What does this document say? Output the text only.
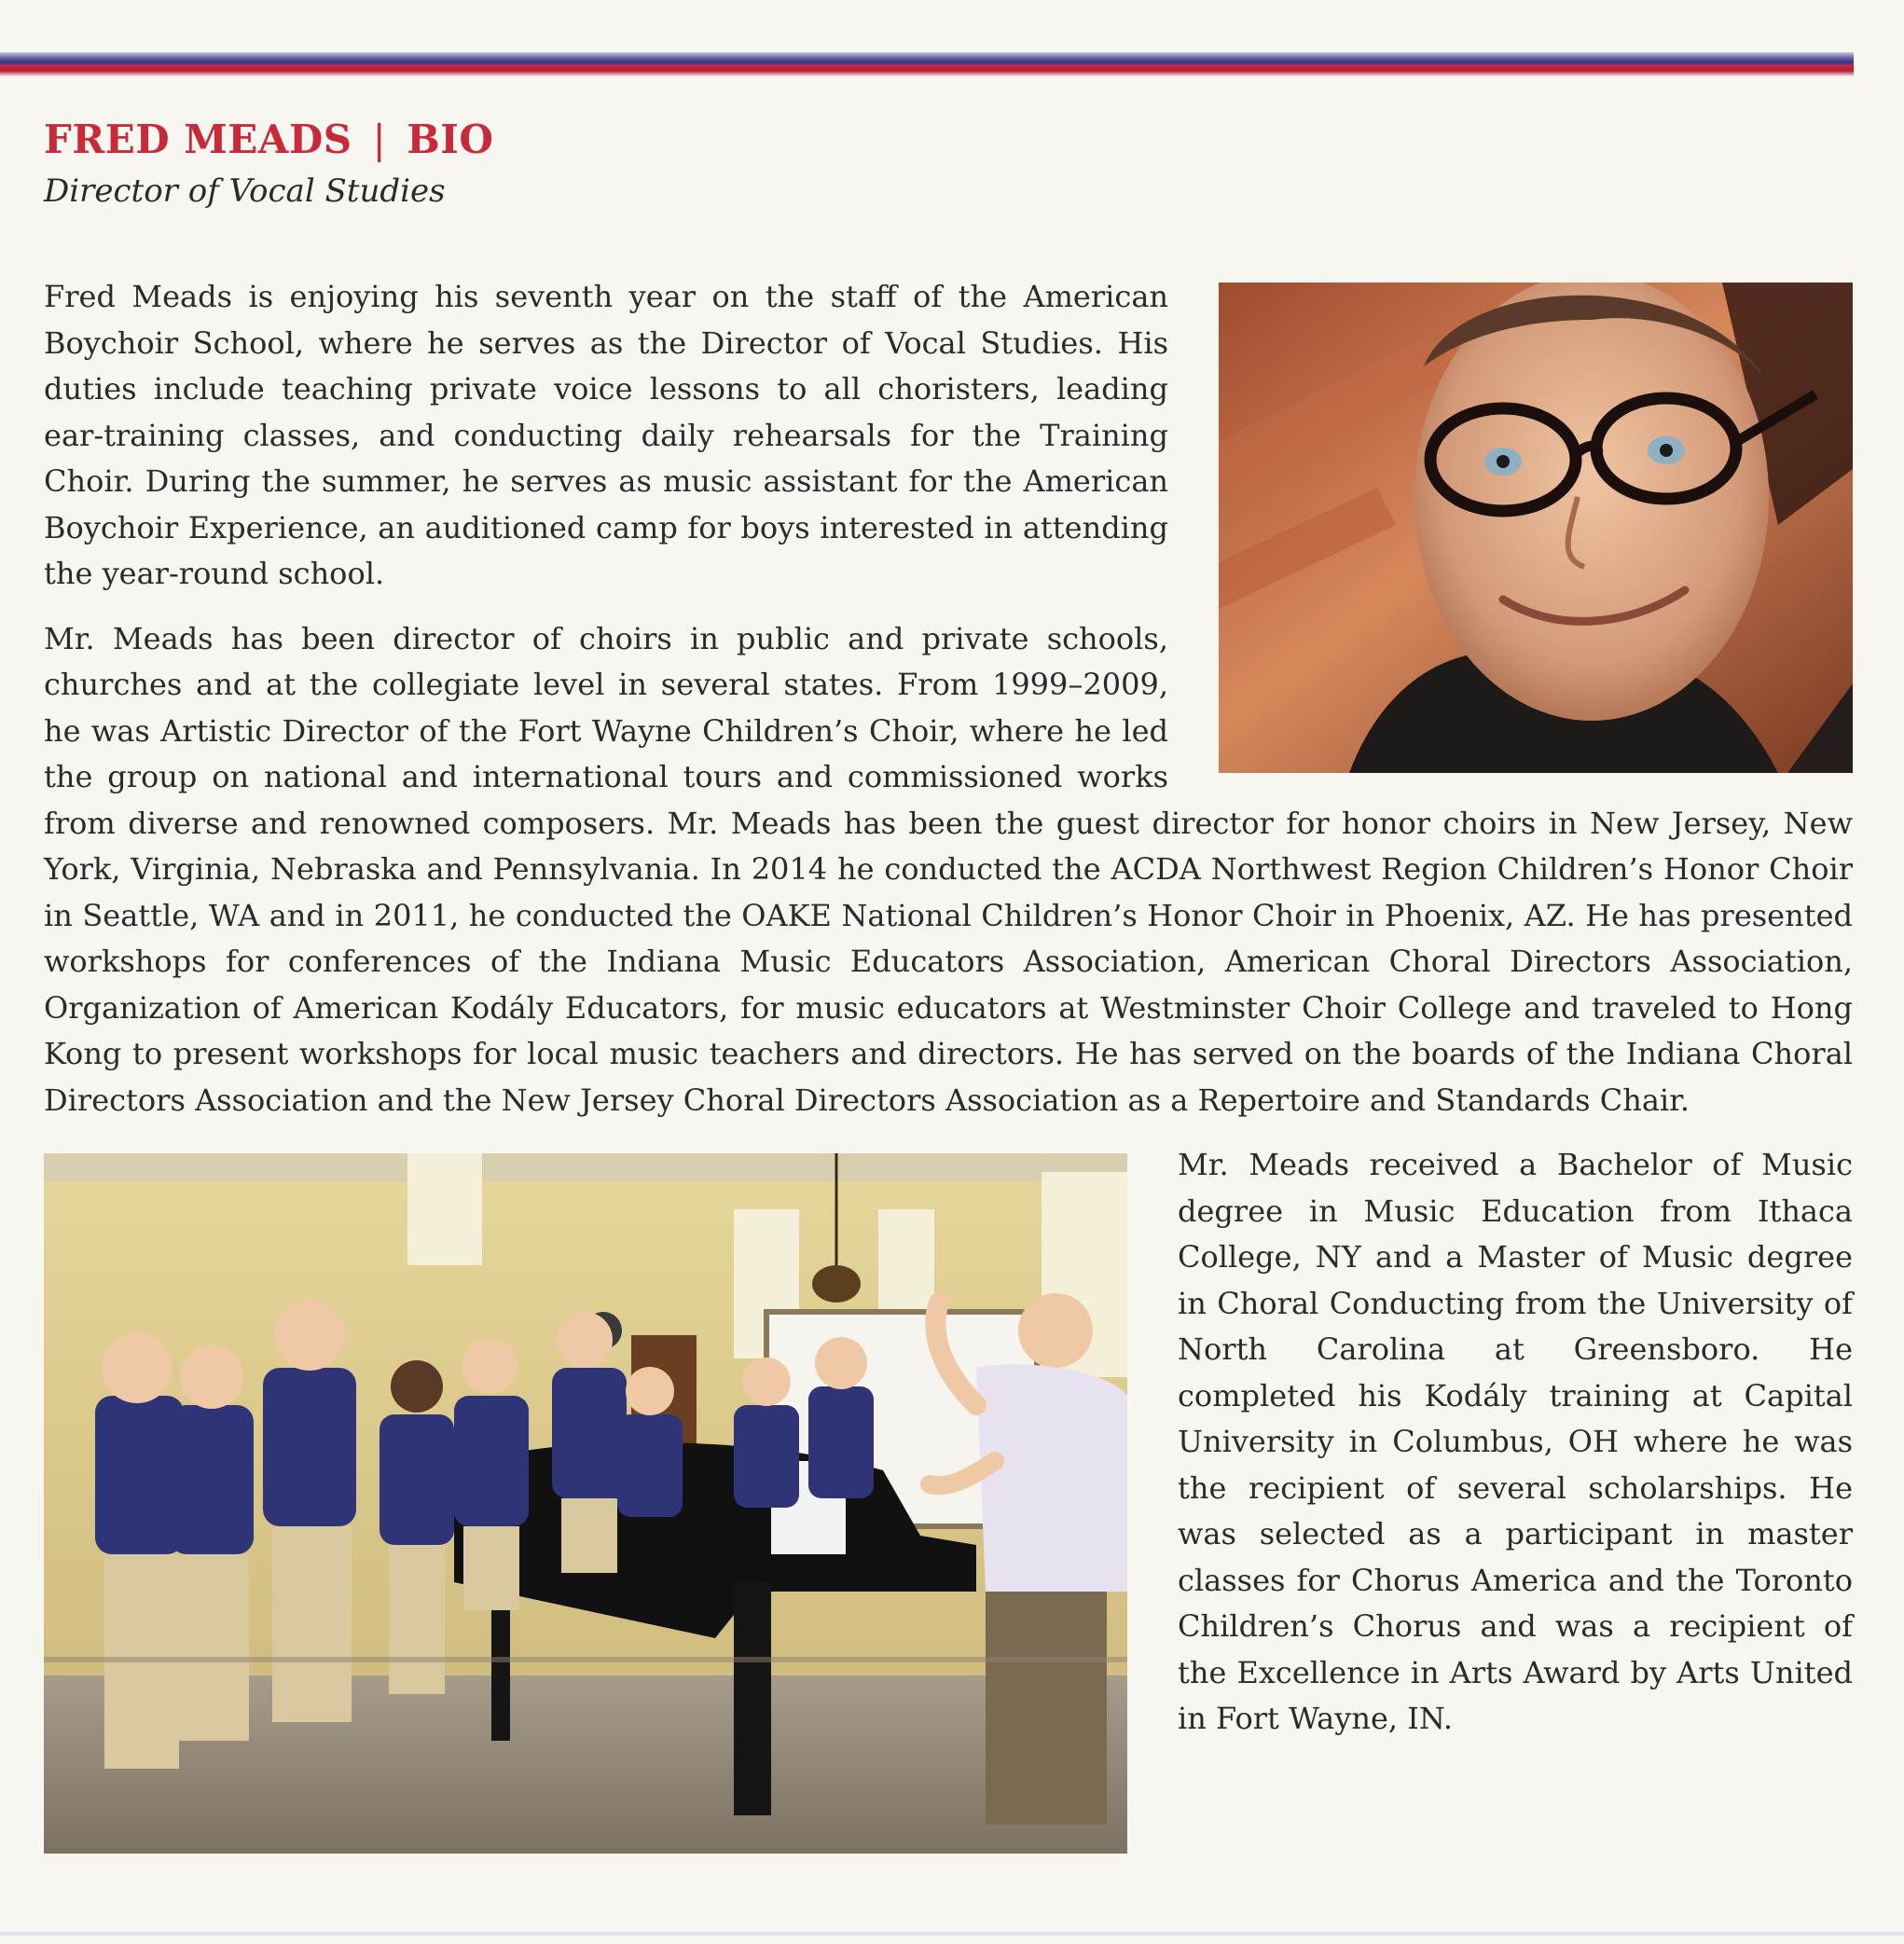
FRED MEADS | BIO

Director of Vocal Studies

Fred Meads is enjoying his seventh year on the staff of the American Boychoir School, where he serves as the Director of Vocal Studies. His duties include teaching private voice lessons to all choristers, leading ear-training classes, and conducting daily rehearsals for the Training Choir. During the summer, he serves as music assistant for the American Boychoir Experience, an auditioned camp for boys interested in attending the year-round school.

Mr. Meads has been director of choirs in public and private schools, churches and at the collegiate level in several states. From 1999–2009, he was Artistic Director of the Fort Wayne Children’s Choir, where he led the group on national and international tours and commissioned works from diverse and renowned composers. Mr. Meads has been the guest director for honor choirs in New Jersey, New York, Virginia, Nebraska and Pennsylvania. In 2014 he conducted the ACDA Northwest Region Children’s Honor Choir in Seattle, WA and in 2011, he conducted the OAKE National Children’s Honor Choir in Phoenix, AZ. He has presented workshops for conferences of the Indiana Music Educators Association, American Choral Directors Association, Organization of American Kodály Educators, for music educators at Westminster Choir College and traveled to Hong Kong to present workshops for local music teachers and directors. He has served on the boards of the Indiana Choral Directors Association and the New Jersey Choral Directors Association as a Repertoire and Standards Chair.

Mr. Meads received a Bachelor of Music degree in Music Education from Ithaca College, NY and a Master of Music degree in Choral Conducting from the University of North Carolina at Greensboro. He completed his Kodály training at Capital University in Columbus, OH where he was the recipient of several scholarships. He was selected as a participant in master classes for Chorus America and the Toronto Children’s Chorus and was a recipient of the Excellence in Arts Award by Arts United in Fort Wayne, IN.
